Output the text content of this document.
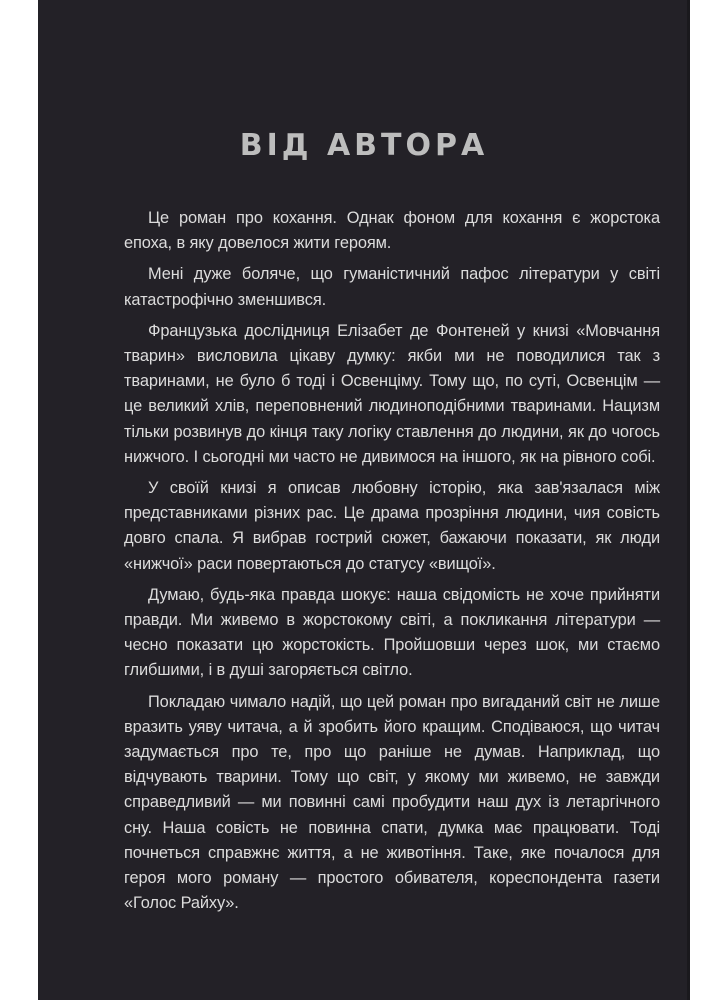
ВІД АВТОРА

Це роман про кохання. Однак фоном для кохання є жорстока епоха, в яку довелося жити героям.

Мені дуже боляче, що гуманістичний пафос літератури у світі катастрофічно зменшився.

Французька дослідниця Елізабет де Фонтеней у книзі «Мовчання тварин» висловила цікаву думку: якби ми не поводилися так з тваринами, не було б тоді і Освенціму. Тому що, по суті, Освенцім — це великий хлів, переповнений людиноподібними тваринами. Нацизм тільки розвинув до кінця таку логіку ставлення до людини, як до чогось нижчого. І сьогодні ми часто не дивимося на іншого, як на рівного собі.

У своїй книзі я описав любовну історію, яка зав'язалася між представниками різних рас. Це драма прозріння людини, чия совість довго спала. Я вибрав гострий сюжет, бажаючи показати, як люди «нижчої» раси повертаються до статусу «вищої».

Думаю, будь-яка правда шокує: наша свідомість не хоче прийняти правди. Ми живемо в жорстокому світі, а покликання літератури — чесно показати цю жорстокість. Пройшовши через шок, ми стаємо глибшими, і в душі загоряється світло.

Покладаю чимало надій, що цей роман про вигаданий світ не лише вразить уяву читача, а й зробить його кращим. Сподіваюся, що читач задумається про те, про що раніше не думав. Наприклад, що відчувають тварини. Тому що світ, у якому ми живемо, не завжди справедливий — ми повинні самі пробудити наш дух із летаргічного сну. Наша совість не повинна спати, думка має працювати. Тоді почнеться справжнє життя, а не животіння. Таке, яке почалося для героя мого роману — простого обивателя, кореспондента газети «Голос Райху».
